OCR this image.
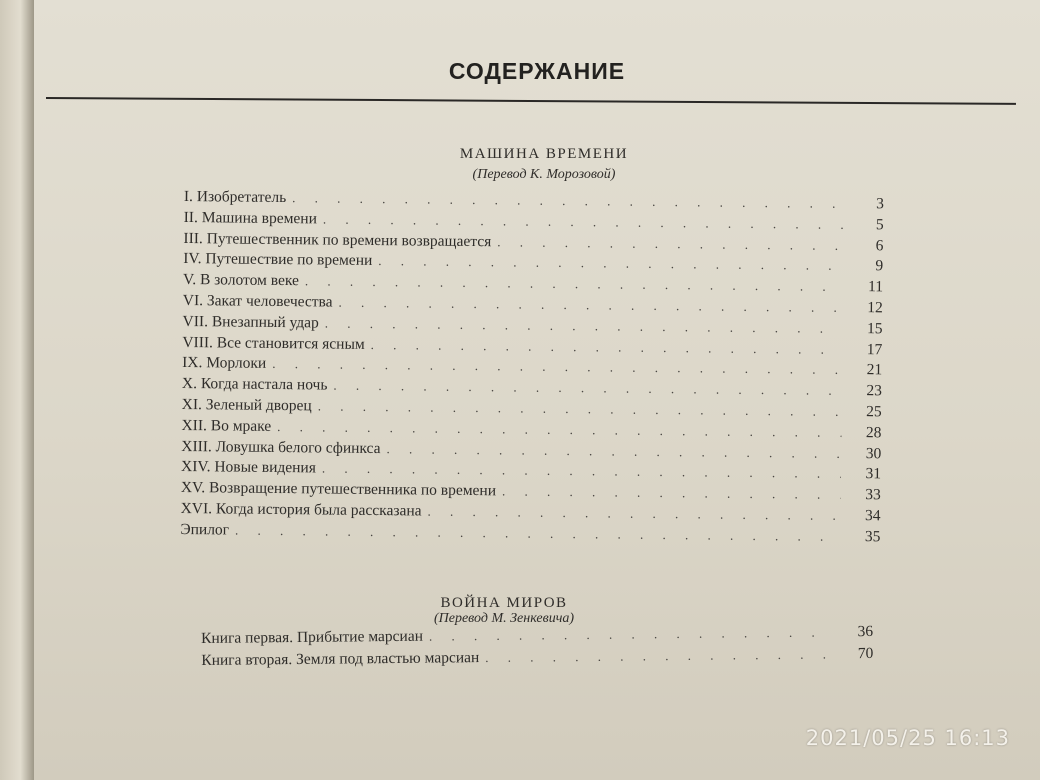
СОДЕРЖАНИЕ
МАШИНА ВРЕМЕНИ
(Перевод К. Морозовой)
I. Изобретатель . . .	3
II. Машина времени . . .	5
III. Путешественник по времени возвращается . . .	6
IV. Путешествие по времени . . .	9
V. В золотом веке . . .	11
VI. Закат человечества . . .	12
VII. Внезапный удар . . .	15
VIII. Все становится ясным . . .	17
IX. Морлоки . . .	21
X. Когда настала ночь . . .	23
XI. Зеленый дворец . . .	25
XII. Во мраке . . .	28
XIII. Ловушка белого сфинкса . . .	30
XIV. Новые видения . . .	31
XV. Возвращение путешественника по времени . . .	33
XVI. Когда история была рассказана . . .	34
Эпилог . . .	35
ВОЙНА МИРОВ
(Перевод М. Зенкевича)
Книга первая. Прибытие марсиан . . .	36
Книга вторая. Земля под властью марсиан . . .	70
2021/05/25 16:13
